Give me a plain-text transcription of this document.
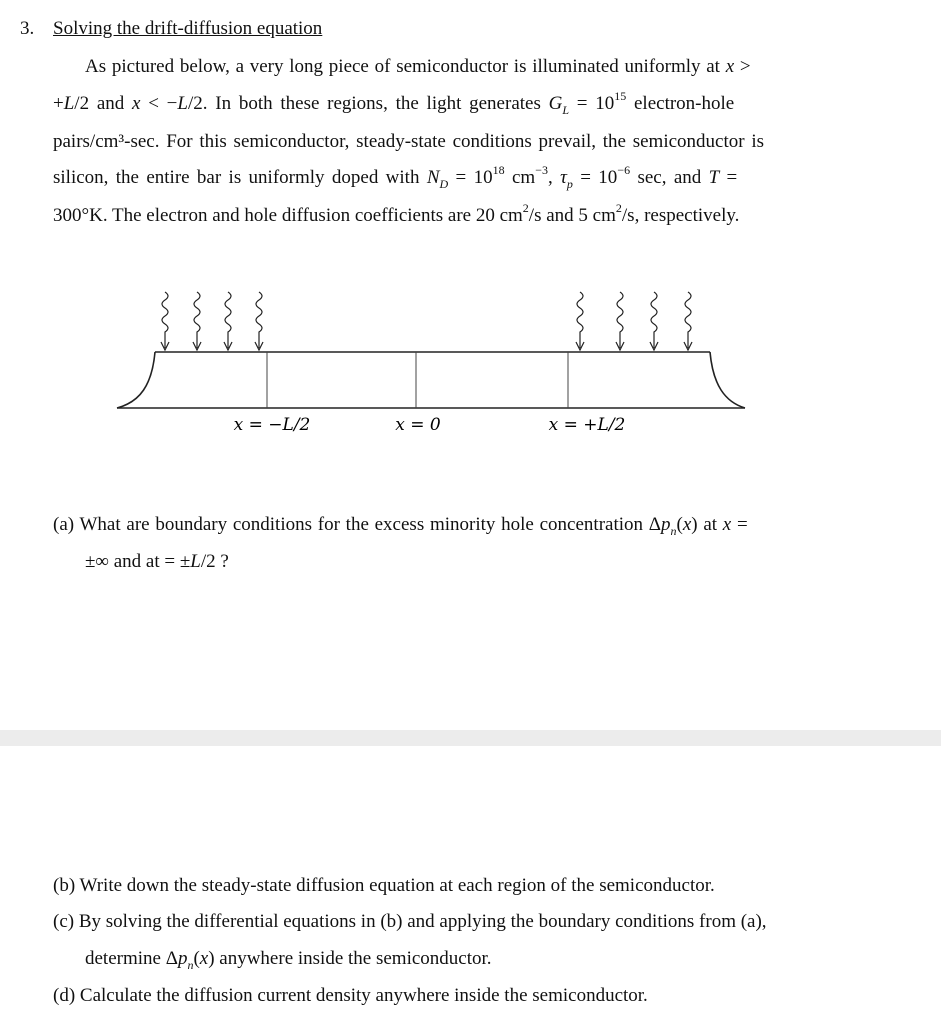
3. Solving the drift-diffusion equation
As pictured below, a very long piece of semiconductor is illuminated uniformly at x >
+L/2 and x < −L/2. In both these regions, the light generates $G_L = 10^{15}$ electron-hole
pairs/cm³-sec. For this semiconductor, steady-state conditions prevail, the semiconductor is
silicon, the entire bar is uniformly doped with $N_D = 10^{18}$ $cm^{-3}$, $\tau_p = 10^{-6}$ sec, and T =
300°K. The electron and hole diffusion coefficients are 20 $cm^2/s$ and 5 $cm^2/s$, respectively.
x = −L/2	x = 0	x = +L/2
(a) What are boundary conditions for the excess minority hole concentration $\Delta p_n(x)$ at x =
±∞ and at = ±L/2 ?
(b) Write down the steady-state diffusion equation at each region of the semiconductor.
(c) By solving the differential equations in (b) and applying the boundary conditions from (a),
determine $\Delta p_n(x)$ anywhere inside the semiconductor.
(d) Calculate the diffusion current density anywhere inside the semiconductor.
